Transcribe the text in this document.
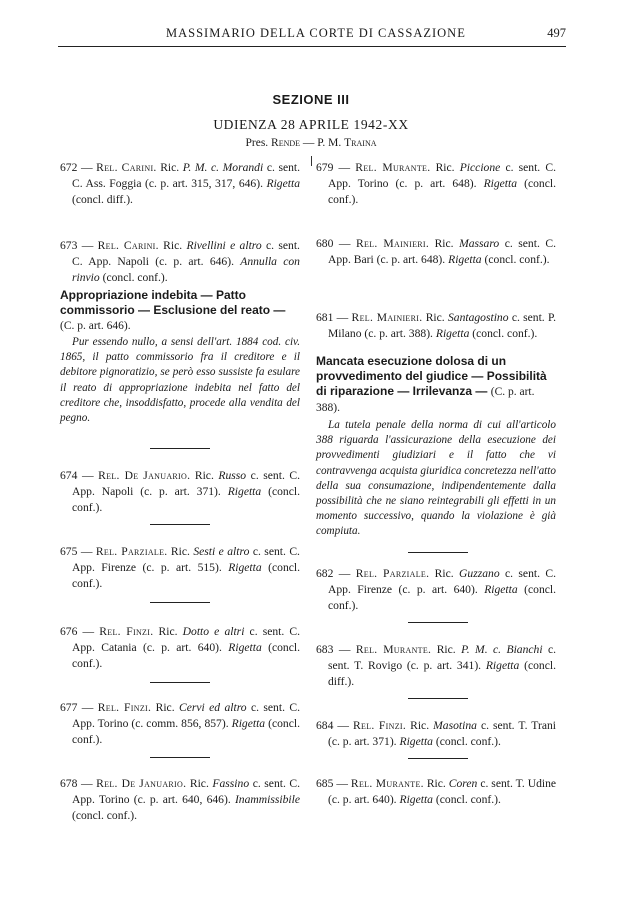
MASSIMARIO DELLA CORTE DI CASSAZIONE	497
SEZIONE III
UDIENZA 28 APRILE 1942-XX
Pres. Rende — P. M. Traina
672 — Rel. Carini. Ric. P. M. c. Morandi c. sent. C. Ass. Foggia (c. p. art. 315, 317, 646). Rigetta (concl. diff.).
673 — Rel. Carini. Ric. Rivellini e altro c. sent. C. App. Napoli (c. p. art. 646). Annulla con rinvio (concl. conf.).
Appropriazione indebita — Patto commissorio — Esclusione del reato — (C. p. art. 646).
Pur essendo nullo, a sensi dell'art. 1884 cod. civ. 1865, il patto commissorio fra il creditore e il debitore pignoratizio, se però esso sussiste fa esulare il reato di appropriazione indebita nel fatto del creditore che, insoddisfatto, procede alla vendita del pegno.
674 — Rel. De Januario. Ric. Russo c. sent. C. App. Napoli (c. p. art. 371). Rigetta (concl. conf.).
675 — Rel. Parziale. Ric. Sesti e altro c. sent. C. App. Firenze (c. p. art. 515). Rigetta (concl. conf.).
676 — Rel. Finzi. Ric. Dotto e altri c. sent. C. App. Catania (c. p. art. 640). Rigetta (concl. conf.).
677 — Rel. Finzi. Ric. Cervi ed altro c. sent. C. App. Torino (c. comm. 856, 857). Rigetta (concl. conf.).
678 — Rel. De Januario. Ric. Fassino c. sent. C. App. Torino (c. p. art. 640, 646). Inammissibile (concl. conf.).
679 — Rel. Murante. Ric. Piccione c. sent. C. App. Torino (c. p. art. 648). Rigetta (concl. conf.).
680 — Rel. Mainieri. Ric. Massaro c. sent. C. App. Bari (c. p. art. 648). Rigetta (concl. conf.).
681 — Rel. Mainieri. Ric. Santagostino c. sent. P. Milano (c. p. art. 388). Rigetta (concl. conf.).
Mancata esecuzione dolosa di un provvedimento del giudice — Possibilità di riparazione — Irrilevanza — (C. p. art. 388).
La tutela penale della norma di cui all'articolo 388 riguarda l'assicurazione della esecuzione dei provvedimenti giudiziari e il fatto che vi contravvenga acquista giuridica concretezza nell'atto della sua consumazione, indipendentemente dalla possibilità che ne siano reintegrabili gli effetti in un momento successivo, quando la violazione è già compiuta.
682 — Rel. Parziale. Ric. Guzzano c. sent. C. App. Firenze (c. p. art. 640). Rigetta (concl. conf.).
683 — Rel. Murante. Ric. P. M. c. Bianchi c. sent. T. Rovigo (c. p. art. 341). Rigetta (concl. diff.).
684 — Rel. Finzi. Ric. Masotina c. sent. T. Trani (c. p. art. 371). Rigetta (concl. conf.).
685 — Rel. Murante. Ric. Coren c. sent. T. Udine (c. p. art. 640). Rigetta (concl. conf.).
